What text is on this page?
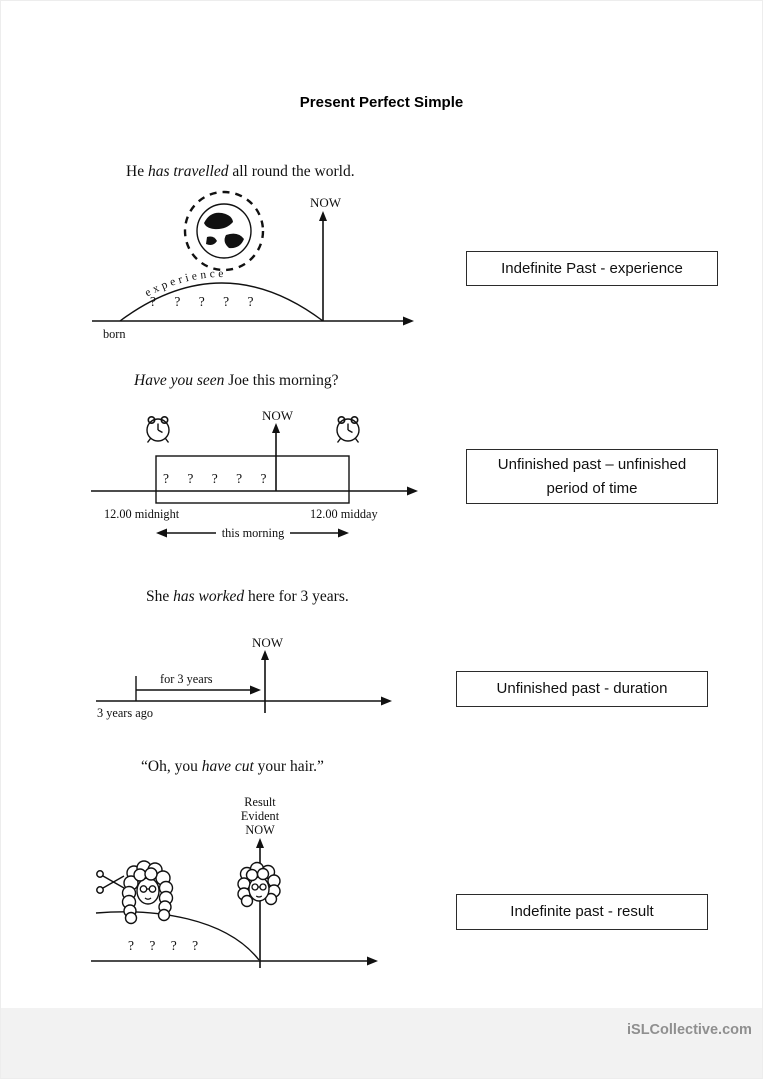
Present Perfect Simple

He has travelled all round the world.

NOW
experience
? ? ? ? ?
born
Indefinite Past - experience

Have you seen Joe this morning?

NOW
? ? ? ? ?
12.00 midnight	12.00 midday
this morning
Unfinished past – unfinished
period of time

She has worked here for 3 years.

NOW
for 3 years
3 years ago
Unfinished past - duration

“Oh, you have cut your hair.”

Result
Evident
NOW
? ? ? ?
Indefinite past - result
iSLCollective.com
